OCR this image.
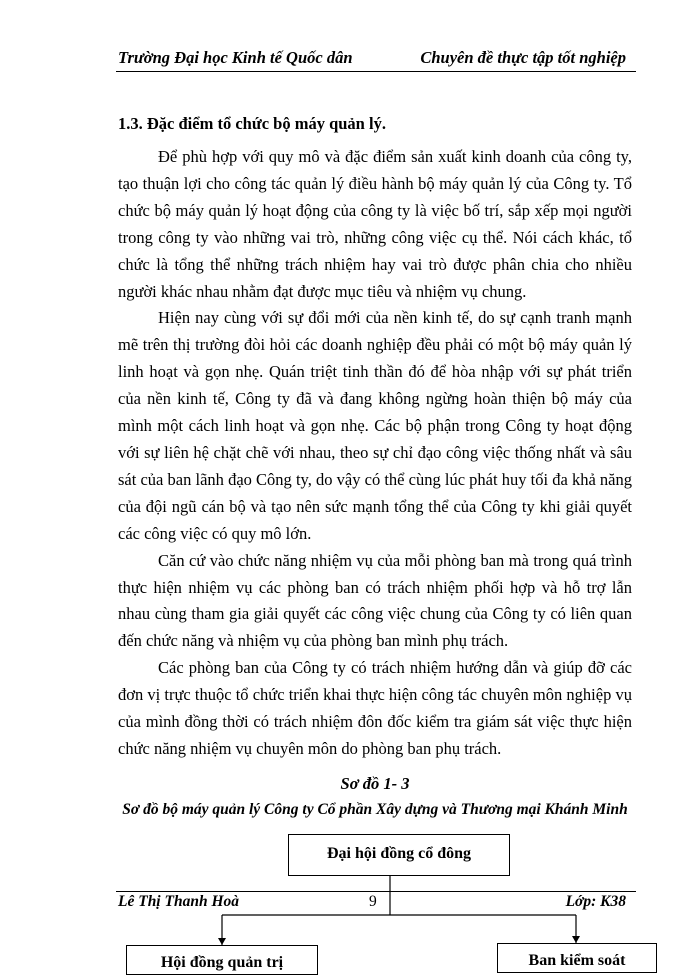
Trường Đại học Kinh tế Quốc dân	Chuyên đề thực tập tốt nghiệp
1.3. Đặc điểm tổ chức bộ máy quản lý.

Để phù hợp với quy mô và đặc điểm sản xuất kinh doanh của công ty, tạo thuận lợi cho công tác quản lý điều hành bộ máy quản lý của Công ty. Tổ chức bộ máy quản lý hoạt động của công ty là việc bố trí, sắp xếp mọi người trong công ty vào những vai trò, những công việc cụ thể. Nói cách khác, tổ chức là tổng thể những trách nhiệm hay vai trò được phân chia cho nhiều người khác nhau nhằm đạt được mục tiêu và nhiệm vụ chung.

Hiện nay cùng với sự đổi mới của nền kinh tế, do sự cạnh tranh mạnh mẽ trên thị trường đòi hỏi các doanh nghiệp đều phải có một bộ máy quản lý linh hoạt và gọn nhẹ. Quán triệt tinh thần đó để hòa nhập với sự phát triển của nền kinh tế, Công ty đã và đang không ngừng hoàn thiện bộ máy của mình một cách linh hoạt và gọn nhẹ. Các bộ phận trong Công ty hoạt động với sự liên hệ chặt chẽ với nhau, theo sự chỉ đạo công việc thống nhất và sâu sát của ban lãnh đạo Công ty, do vậy có thể cùng lúc phát huy tối đa khả năng của đội ngũ cán bộ và tạo nên sức mạnh tổng thể của Công ty khi giải quyết các công việc có quy mô lớn.

Căn cứ vào chức năng nhiệm vụ của mỗi phòng ban mà trong quá trình thực hiện nhiệm vụ các phòng ban có trách nhiệm phối hợp và hỗ trợ lẫn nhau cùng tham gia giải quyết các công việc chung của Công ty có liên quan đến chức năng và nhiệm vụ của phòng ban mình phụ trách.

Các phòng ban của Công ty có trách nhiệm hướng dẫn và giúp đỡ các đơn vị trực thuộc tổ chức triển khai thực hiện công tác chuyên môn nghiệp vụ của mình đồng thời có trách nhiệm đôn đốc kiểm tra giám sát việc thực hiện chức năng nhiệm vụ chuyên môn do phòng ban phụ trách.

Sơ đồ 1- 3
Sơ đồ bộ máy quản lý Công ty Cổ phần Xây dựng và Thương mại Khánh Minh
Đại hội đồng cổ đông
Lê Thị Thanh Hoà	9	Lớp: K38
Hội đồng quản trị	Ban kiểm soát
